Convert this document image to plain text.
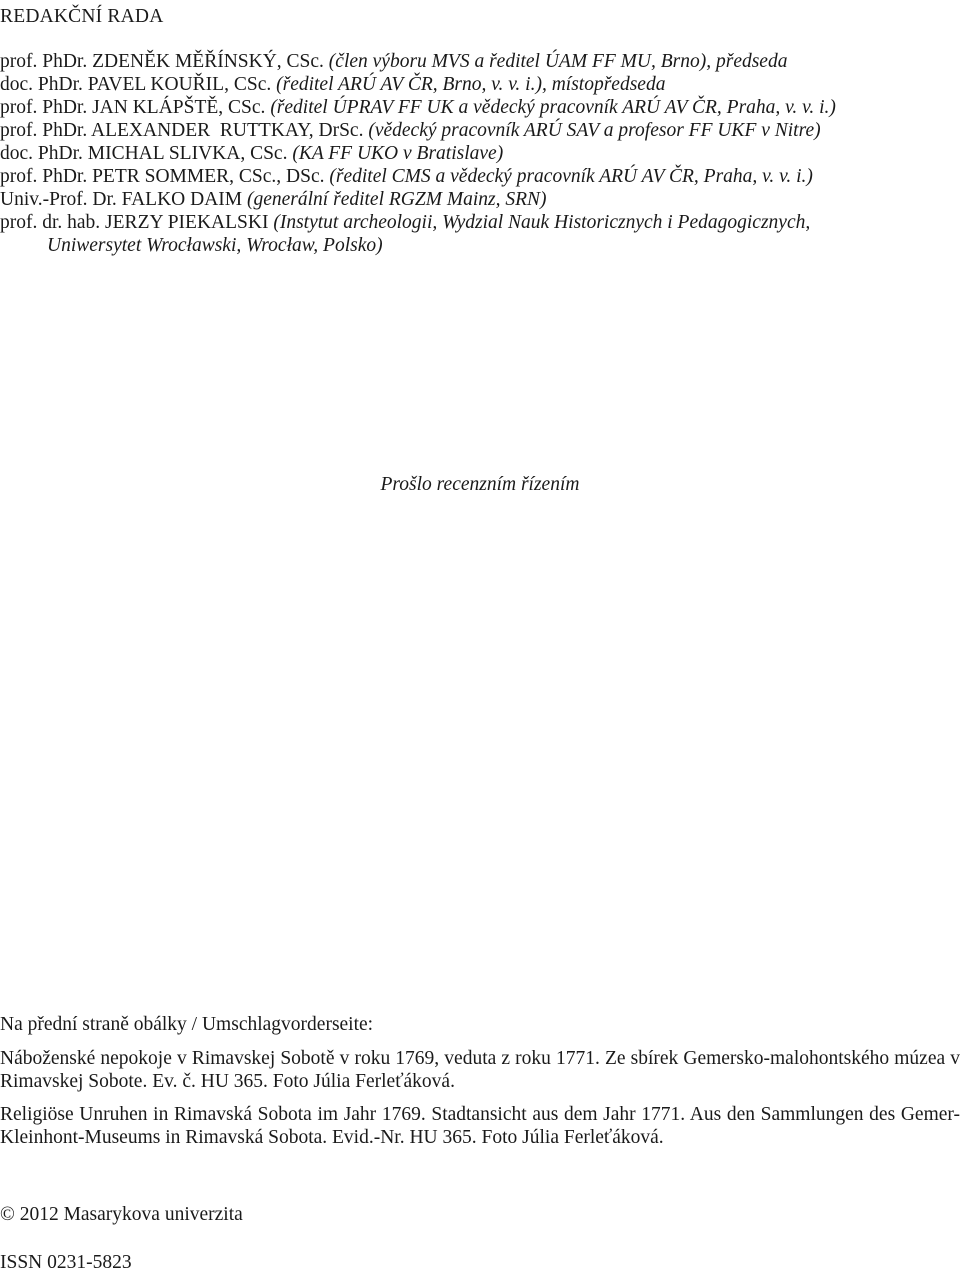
REDAKČNÍ RADA

prof. PhDr. ZDENĚK MĚŘÍNSKÝ, CSc. (člen výboru MVS a ředitel ÚAM FF MU, Brno), předseda

doc. PhDr. PAVEL KOUŘIL, CSc. (ředitel ARÚ AV ČR, Brno, v. v. i.), místopředseda

prof. PhDr. JAN KLÁPŠTĚ, CSc. (ředitel ÚPRAV FF UK a vědecký pracovník ARÚ AV ČR, Praha, v. v. i.)

prof. PhDr. ALEXANDER  RUTTKAY, DrSc. (vědecký pracovník ARÚ SAV a profesor FF UKF v Nitre)

doc. PhDr. MICHAL SLIVKA, CSc. (KA FF UKO v Bratislave)

prof. PhDr. PETR SOMMER, CSc., DSc. (ředitel CMS a vědecký pracovník ARÚ AV ČR, Praha, v. v. i.)

Univ.-Prof. Dr. FALKO DAIM (generální ředitel RGZM Mainz, SRN)

prof. dr. hab. JERZY PIEKALSKI (Instytut archeologii, Wydzial Nauk Historicznych i Pedagogicznych,
Uniwersytet Wrocławski, Wrocław, Polsko)

Prošlo recenzním řízením

Na přední straně obálky / Umschlagvorderseite:

Náboženské nepokoje v Rimavskej Sobotě v roku 1769, veduta z roku 1771. Ze sbírek Gemersko-malohontského múzea v Rimavskej Sobote. Ev. č. HU 365. Foto Júlia Ferleťáková.

Religiöse Unruhen in Rimavská Sobota im Jahr 1769. Stadtansicht aus dem Jahr 1771. Aus den Sammlungen des Gemer-Kleinhont-Museums in Rimavská Sobota. Evid.-Nr. HU 365. Foto Júlia Ferleťáková.

© 2012 Masarykova univerzita
ISSN 0231-5823
